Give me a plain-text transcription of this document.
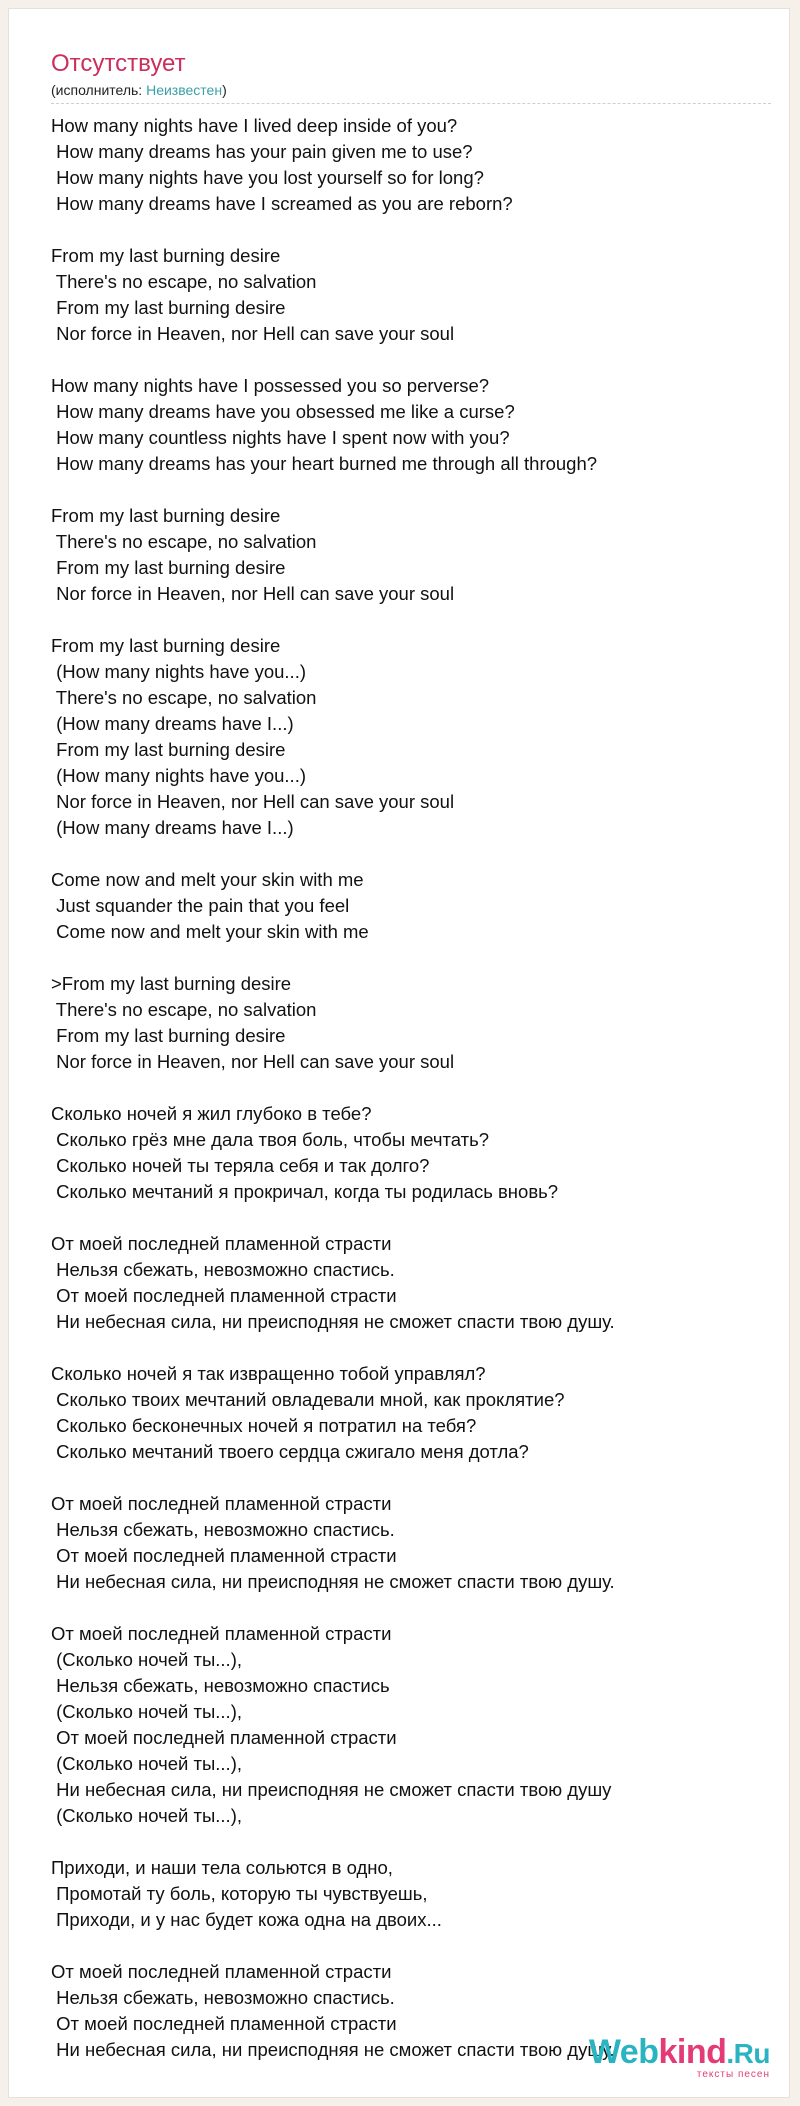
Отсутствует
(исполнитель: Неизвестен)
How many nights have I lived deep inside of you?
How many dreams has your pain given me to use?
How many nights have you lost yourself so for long?
How many dreams have I screamed as you are reborn?
From my last burning desire
There's no escape, no salvation
From my last burning desire
Nor force in Heaven, nor Hell can save your soul
How many nights have I possessed you so perverse?
How many dreams have you obsessed me like a curse?
How many countless nights have I spent now with you?
How many dreams has your heart burned me through all through?
From my last burning desire
There's no escape, no salvation
From my last burning desire
Nor force in Heaven, nor Hell can save your soul
From my last burning desire
(How many nights have you...)
There's no escape, no salvation
(How many dreams have I...)
From my last burning desire
(How many nights have you...)
Nor force in Heaven, nor Hell can save your soul
(How many dreams have I...)
Come now and melt your skin with me
Just squander the pain that you feel
Come now and melt your skin with me
>From my last burning desire
There's no escape, no salvation
From my last burning desire
Nor force in Heaven, nor Hell can save your soul
Сколько ночей я жил глубоко в тебе?
Сколько грёз мне дала твоя боль, чтобы мечтать?
Сколько ночей ты теряла себя и так долго?
Сколько мечтаний я прокричал, когда ты родилась вновь?
От моей последней пламенной страсти
Нельзя сбежать, невозможно спастись.
От моей последней пламенной страсти
Ни небесная сила, ни преисподняя не сможет спасти твою душу.
Сколько ночей я так извращенно тобой управлял?
Сколько твоих мечтаний овладевали мной, как проклятие?
Сколько бесконечных ночей я потратил на тебя?
Сколько мечтаний твоего сердца сжигало меня дотла?
От моей последней пламенной страсти
Нельзя сбежать, невозможно спастись.
От моей последней пламенной страсти
Ни небесная сила, ни преисподняя не сможет спасти твою душу.
От моей последней пламенной страсти
(Сколько ночей ты...),
Нельзя сбежать, невозможно спастись
(Сколько ночей ты...),
От моей последней пламенной страсти
(Сколько ночей ты...),
Ни небесная сила, ни преисподняя не сможет спасти твою душу
(Сколько ночей ты...),
Приходи, и наши тела сольются в одно,
Промотай ту боль, которую ты чувствуешь,
Приходи, и у нас будет кожа одна на двоих...
От моей последней пламенной страсти
Нельзя сбежать, невозможно спастись.
От моей последней пламенной страсти
Ни небесная сила, ни преисподняя не сможет спасти твою душу.
Webkind.Ru
тексты песен
